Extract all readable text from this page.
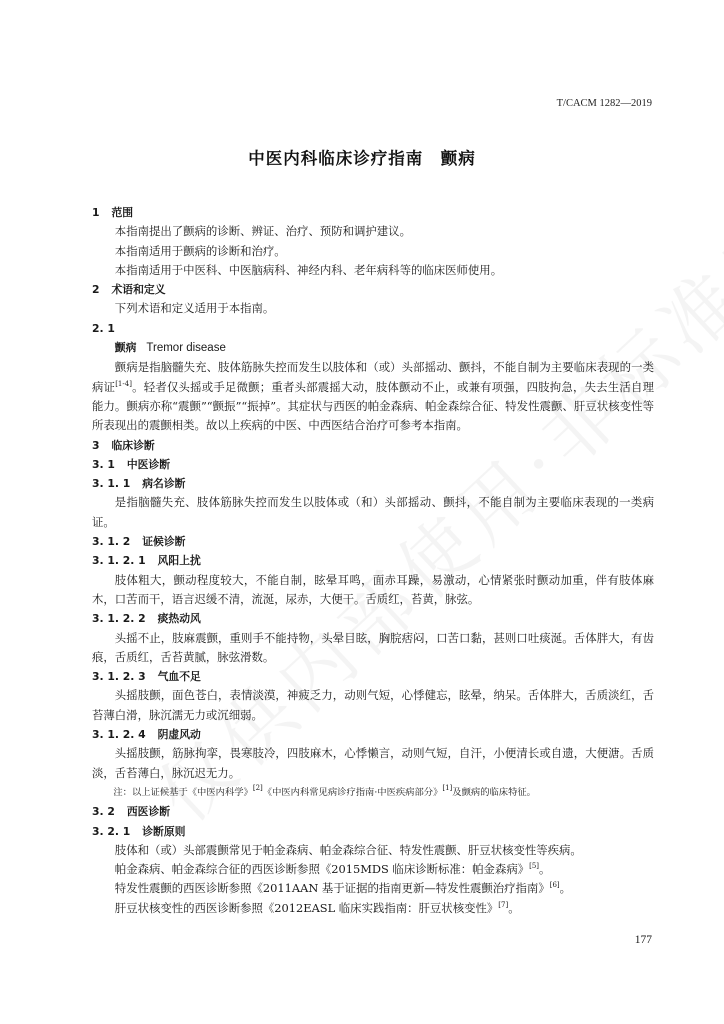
T/CACM 1282—2019
中医内科临床诊疗指南　颤病

1 范围

本指南提出了颤病的诊断、辨证、治疗、预防和调护建议。

本指南适用于颤病的诊断和治疗。

本指南适用于中医科、中医脑病科、神经内科、老年病科等的临床医师使用。

2 术语和定义

下列术语和定义适用于本指南。

2. 1

颤病 Tremor disease

颤病是指脑髓失充、肢体筋脉失控而发生以肢体和（或）头部摇动、颤抖，不能自制为主要临床表现的一类病证[1-4]。轻者仅头摇或手足微颤；重者头部震摇大动，肢体颤动不止，或兼有项强，四肢拘急，失去生活自理能力。颤病亦称“震颤”“颤振”“振掉”。其症状与西医的帕金森病、帕金森综合征、特发性震颤、肝豆状核变性等所表现出的震颤相类。故以上疾病的中医、中西医结合治疗可参考本指南。

3 临床诊断

3. 1 中医诊断

3. 1. 1 病名诊断

是指脑髓失充、肢体筋脉失控而发生以肢体或（和）头部摇动、颤抖，不能自制为主要临床表现的一类病证。

3. 1. 2 证候诊断

3. 1. 2. 1 风阳上扰

肢体粗大，颤动程度较大，不能自制，眩晕耳鸣，面赤耳躁，易激动，心情紧张时颤动加重，伴有肢体麻木，口苦而干，语言迟缓不清，流涎，尿赤，大便干。舌质红，苔黄，脉弦。

3. 1. 2. 2 痰热动风

头摇不止，肢麻震颤，重则手不能持物，头晕目眩，胸脘痞闷，口苦口黏，甚则口吐痰涎。舌体胖大，有齿痕，舌质红，舌苔黄腻，脉弦滑数。

3. 1. 2. 3 气血不足

头摇肢颤，面色苍白，表情淡漠，神疲乏力，动则气短，心悸健忘，眩晕，纳呆。舌体胖大，舌质淡红，舌苔薄白滑，脉沉濡无力或沉细弱。

3. 1. 2. 4 阴虚风动

头摇肢颤，筋脉拘挛，畏寒肢冷，四肢麻木，心悸懒言，动则气短，自汗，小便清长或自遗，大便溏。舌质淡，舌苔薄白，脉沉迟无力。

注：以上证候基于《中医内科学》[2]《中医内科常见病诊疗指南·中医疾病部分》[1]及颤病的临床特征。

3. 2 西医诊断

3. 2. 1 诊断原则

肢体和（或）头部震颤常见于帕金森病、帕金森综合征、特发性震颤、肝豆状核变性等疾病。

帕金森病、帕金森综合征的西医诊断参照《2015MDS 临床诊断标准：帕金森病》[5]。

特发性震颤的西医诊断参照《2011AAN 基于证据的指南更新—特发性震颤治疗指南》[6]。

肝豆状核变性的西医诊断参照《2012EASL 临床实践指南：肝豆状核变性》[7]。

177
